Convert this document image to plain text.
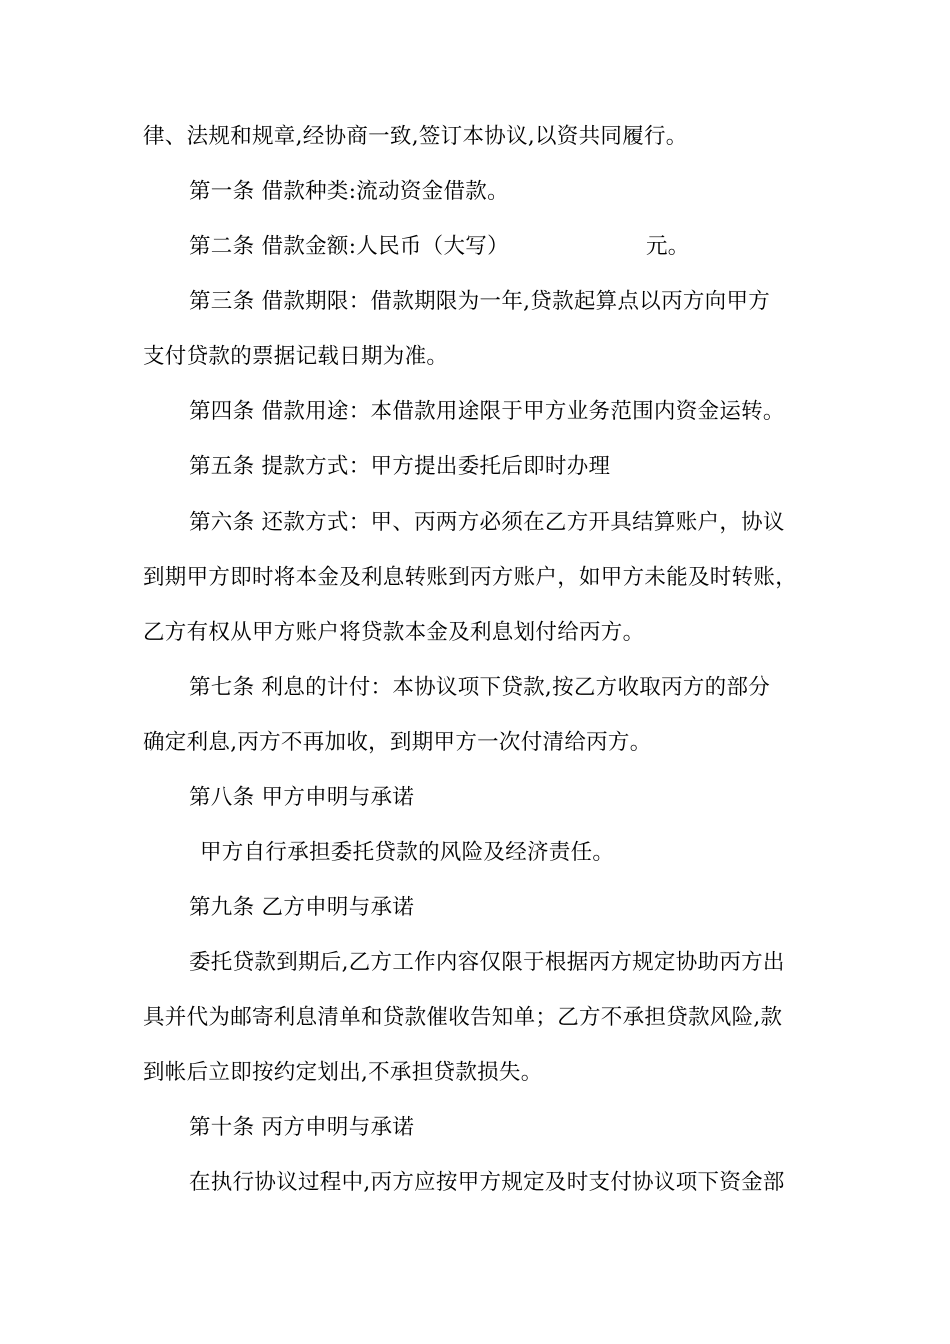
律、法规和规章,经协商一致,签订本协议,以资共同履行。
第一条 借款种类:流动资金借款。
第二条 借款金额:人民币（大写）	元。
第三条 借款期限：借款期限为一年,贷款起算点以丙方向甲方
支付贷款的票据记载日期为准。
第四条 借款用途：本借款用途限于甲方业务范围内资金运转。
第五条 提款方式：甲方提出委托后即时办理
第六条 还款方式：甲、丙两方必须在乙方开具结算账户，协议
到期甲方即时将本金及利息转账到丙方账户，如甲方未能及时转账，
乙方有权从甲方账户将贷款本金及利息划付给丙方。
第七条 利息的计付：本协议项下贷款,按乙方收取丙方的部分
确定利息,丙方不再加收，到期甲方一次付清给丙方。
第八条 甲方申明与承诺
甲方自行承担委托贷款的风险及经济责任。
第九条 乙方申明与承诺
委托贷款到期后,乙方工作内容仅限于根据丙方规定协助丙方出
具并代为邮寄利息清单和贷款催收告知单；乙方不承担贷款风险,款
到帐后立即按约定划出,不承担贷款损失。
第十条 丙方申明与承诺
在执行协议过程中,丙方应按甲方规定及时支付协议项下资金部
